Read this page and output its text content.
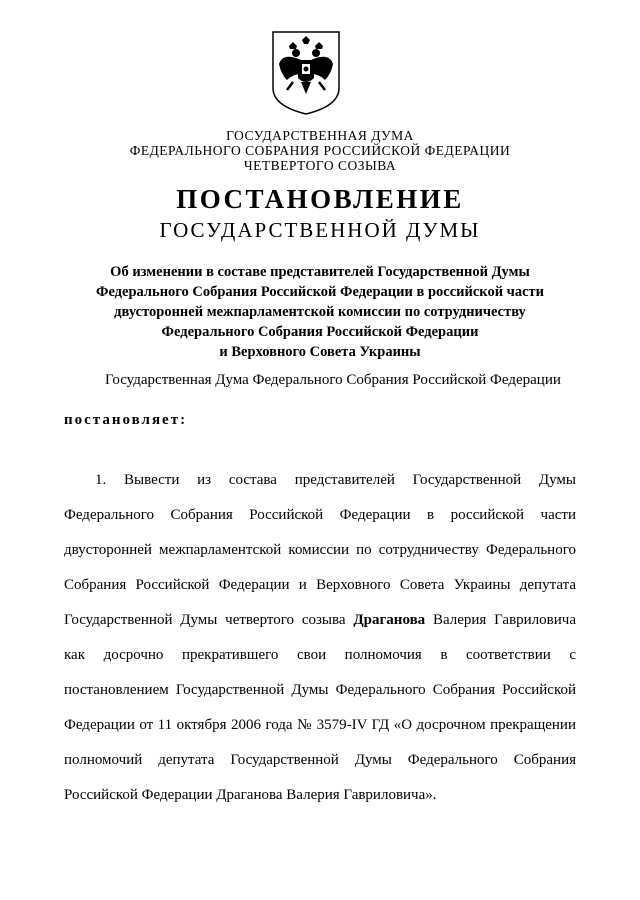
ГОСУДАРСТВЕННАЯ ДУМА
ФЕДЕРАЛЬНОГО СОБРАНИЯ РОССИЙСКОЙ ФЕДЕРАЦИИ
ЧЕТВЕРТОГО СОЗЫВА
ПОСТАНОВЛЕНИЕ
ГОСУДАРСТВЕННОЙ ДУМЫ
Об изменении в составе представителей Государственной Думы
Федерального Собрания Российской Федерации в российской части
двусторонней межпарламентской комиссии по сотрудничеству
Федерального Собрания Российской Федерации
и Верховного Совета Украины
Государственная Дума Федерального Собрания Российской Федерации
постановляет:
1. Вывести из состава представителей Государственной Думы
Федерального Собрания Российской Федерации в российской части
двусторонней межпарламентской комиссии по сотрудничеству Федерального
Собрания Российской Федерации и Верховного Совета Украины депутата
Государственной Думы четвертого созыва Драганова Валерия Гавриловича
как досрочно прекратившего свои полномочия в соответствии с
постановлением Государственной Думы Федерального Собрания Российской
Федерации от 11 октября 2006 года № 3579-IV ГД «О досрочном прекращении
полномочий депутата Государственной Думы Федерального Собрания
Российской Федерации Драганова Валерия Гавриловича».
